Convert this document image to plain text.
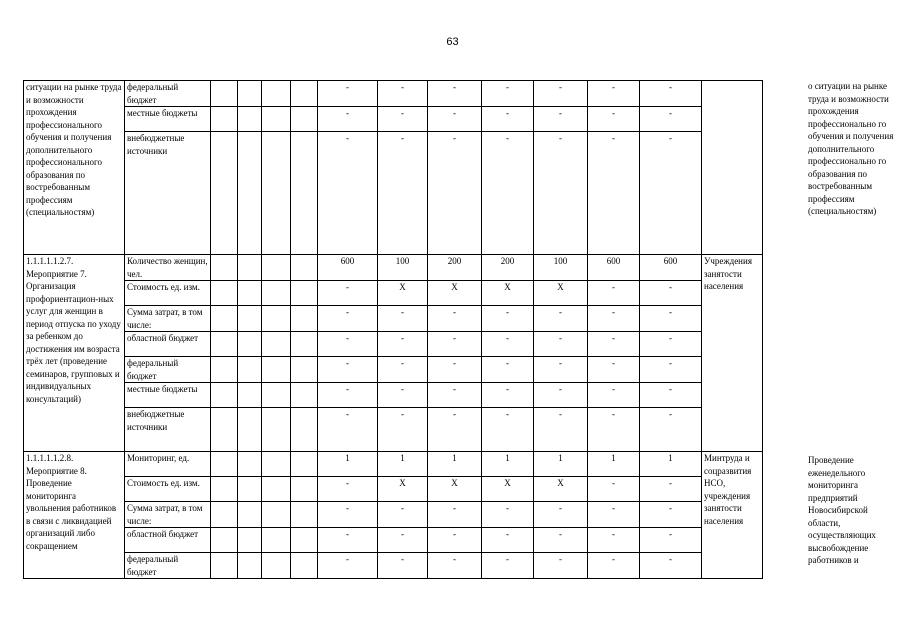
63
ситуации на рынке труда и возможности прохождения профессионального обучения и получения дополнительного профессионального образования по востребованным профессиям (специальностям)	федеральный бюджет					-	-	-	-	-	-	-	
	местные бюджеты					-	-	-	-	-	-	-	
	внебюджетные источники					-	-	-	-	-	-	-	
1.1.1.1.1.2.7. Мероприятие 7. Организация профориентацион-ных услуг для женщин в период отпуска по уходу за ребенком до достижения им возраста трёх лет (проведение семинаров, групповых и индивидуальных консультаций)	Количество женщин, чел.					600	100	200	200	100	600	600	Учреждения занятости населения
	Стоимость ед. изм.					-	X	X	X	X	-	-	
	Сумма затрат, в том числе:					-	-	-	-	-	-	-	
	областной бюджет					-	-	-	-	-	-	-	
	федеральный бюджет					-	-	-	-	-	-	-	
	местные бюджеты					-	-	-	-	-	-	-	
	внебюджетные источники					-	-	-	-	-	-	-	
1.1.1.1.1.2.8. Мероприятие 8. Проведение мониторинга увольнения работников в связи с ликвидацией организаций либо сокращением	Мониторинг, ед.					1	1	1	1	1	1	1	Минтруда и соцразвития НСО, учреждения занятости населения
	Стоимость ед. изм.					-	X	X	X	X	-	-	
	Сумма затрат, в том числе:					-	-	-	-	-	-	-	
	областной бюджет					-	-	-	-	-	-	-	
	федеральный бюджет					-	-	-	-	-	-	-	
о ситуации на рынке труда и возможности прохождения профессионально го обучения и получения дополнительного профессионально го образования по востребованным профессиям (специальностям)
Проведение еженедельного мониторинга предприятий Новосибирской области, осуществляющих высвобождение работников и
